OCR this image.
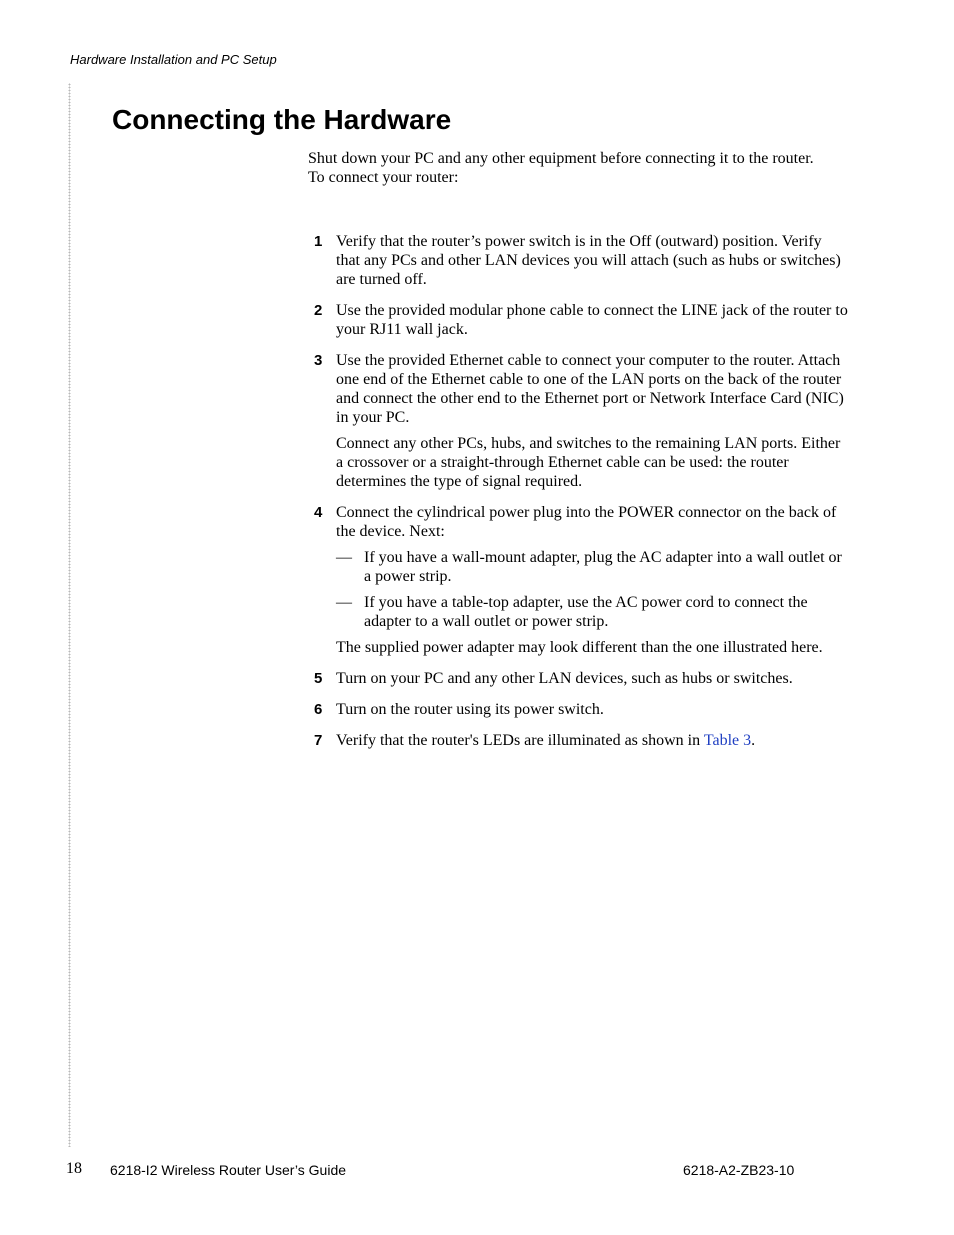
Hardware Installation and PC Setup
Connecting the Hardware

Shut down your PC and any other equipment before connecting it to the router. To connect your router:

1 Verify that the router’s power switch is in the Off (outward) position. Verify that any PCs and other LAN devices you will attach (such as hubs or switches) are turned off.

2 Use the provided modular phone cable to connect the LINE jack of the router to your RJ11 wall jack.

3 Use the provided Ethernet cable to connect your computer to the router. Attach one end of the Ethernet cable to one of the LAN ports on the back of the router and connect the other end to the Ethernet port or Network Interface Card (NIC) in your PC.

Connect any other PCs, hubs, and switches to the remaining LAN ports. Either a crossover or a straight-through Ethernet cable can be used: the router determines the type of signal required.

4 Connect the cylindrical power plug into the POWER connector on the back of the device. Next:

— If you have a wall-mount adapter, plug the AC adapter into a wall outlet or a power strip.
— If you have a table-top adapter, use the AC power cord to connect the adapter to a wall outlet or power strip.

The supplied power adapter may look different than the one illustrated here.

5 Turn on your PC and any other LAN devices, such as hubs or switches.

6 Turn on the router using its power switch.

7 Verify that the router's LEDs are illuminated as shown in Table 3.

18 6218-I2 Wireless Router User’s Guide	6218-A2-ZB23-10
